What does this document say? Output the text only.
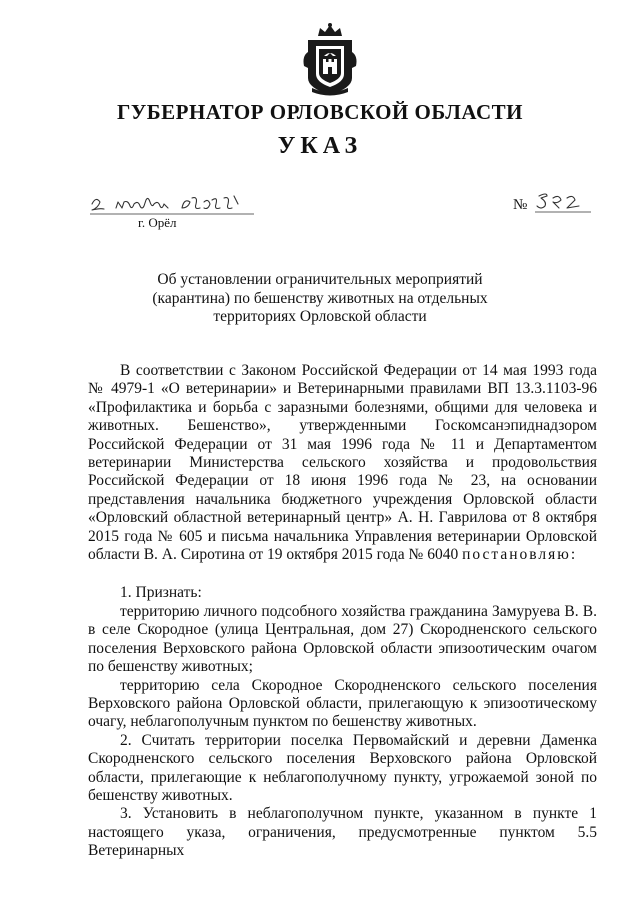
ГУБЕРНАТОР ОРЛОВСКОЙ ОБЛАСТИ
УКАЗ
г. Орёл
№
Об установлении ограничительных мероприятий
(карантина) по бешенству животных на отдельных
территориях Орловской области

В соответствии с Законом Российской Федерации от 14 мая 1993 года № 4979-1 «О ветеринарии» и Ветеринарными правилами ВП 13.3.1103-96 «Профилактика и борьба с заразными болезнями, общими для человека и животных. Бешенство», утвержденными Госкомсанэпиднадзором Российской Федерации от 31 мая 1996 года № 11 и Департаментом ветеринарии Министерства сельского хозяйства и продовольствия Российской Федерации от 18 июня 1996 года № 23, на основании представления начальника бюджетного учреждения Орловской области «Орловский областной ветеринарный центр» А. Н. Гаврилова от 8 октября 2015 года № 605 и письма начальника Управления ветеринарии Орловской области В. А. Сиротина от 19 октября 2015 года № 6040 постановляю:

1. Признать:

территорию личного подсобного хозяйства гражданина Замуруева В. В. в селе Скородное (улица Центральная, дом 27) Скородненского сельского поселения Верховского района Орловской области эпизоотическим очагом по бешенству животных;

территорию села Скородное Скородненского сельского поселения Верховского района Орловской области, прилегающую к эпизоотическому очагу, неблагополучным пунктом по бешенству животных.

2. Считать территории поселка Первомайский и деревни Даменка Скородненского сельского поселения Верховского района Орловской области, прилегающие к неблагополучному пункту, угрожаемой зоной по бешенству животных.

3. Установить в неблагополучном пункте, указанном в пункте 1 настоящего указа, ограничения, предусмотренные пунктом 5.5 Ветеринарных
